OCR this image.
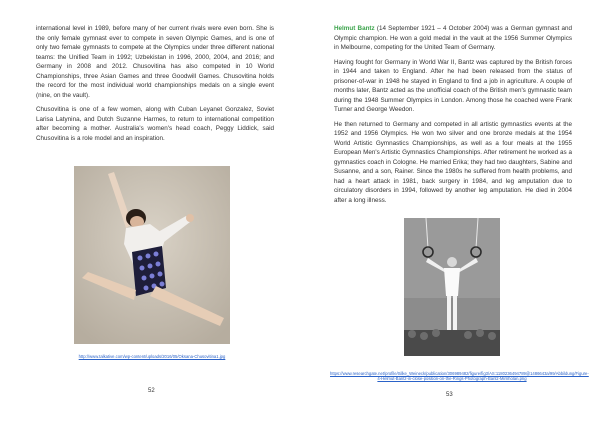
international level in 1989, before many of her current rivals were even born. She is the only female gymnast ever to compete in seven Olympic Games, and is one of only two female gymnasts to compete at the Olympics under three different national teams: the Unified Team in 1992; Uzbekistan in 1996, 2000, 2004, and 2016; and Germany in 2008 and 2012. Chusovitina has also competed in 10 World Championships, three Asian Games and three Goodwill Games. Chusovitina holds the record for the most individual world championships medals on a single event (nine, on the vault).

Chusovitina is one of a few women, along with Cuban Leyanet Gonzalez, Soviet Larisa Latynina, and Dutch Suzanne Harmes, to return to international competition after becoming a mother. Australia's women's head coach, Peggy Liddick, said Chusovitina is a role model and an inspiration.

http://www.talkative.com/wp-content/uploads/2016/05/Oksana-Chusovitina1.jpg
52

Helmut Bantz (14 September 1921 – 4 October 2004) was a German gymnast and Olympic champion. He won a gold medal in the vault at the 1956 Summer Olympics in Melbourne, competing for the United Team of Germany.

Having fought for Germany in World War II, Bantz was captured by the British forces in 1944 and taken to England. After he had been released from the status of prisoner-of-war in 1948 he stayed in England to find a job in agriculture. A couple of months later, Bantz acted as the unofficial coach of the British men's gymnastic team during the 1948 Summer Olympics in London. Among those he coached were Frank Turner and George Weedon.

He then returned to Germany and competed in all artistic gymnastics events at the 1952 and 1956 Olympics. He won two silver and one bronze medals at the 1954 World Artistic Gymnastics Championships, as well as a four meals at the 1955 European Men's Artistic Gymnastics Championships. After retirement he worked as a gymnastics coach in Cologne. He married Erika; they had two daughters, Sabine and Susanne, and a son, Rainer. Since the 1980s he suffered from health problems, and had a heart attack in 1981, back surgery in 1984, and leg amputation due to circulatory disorders in 1994, followed by another leg amputation. He died in 2004 after a long illness.

https://www.researchgate.net/profile/Silke_Weineck/publication/306989482/figure/fig3/AS:1180236494789@1486643a/99/Abbildung/Figure-4-Helmut-Bantz-in-close-position-on-the-Rings-Photograph-Bantz-Mirnholan.png
53
